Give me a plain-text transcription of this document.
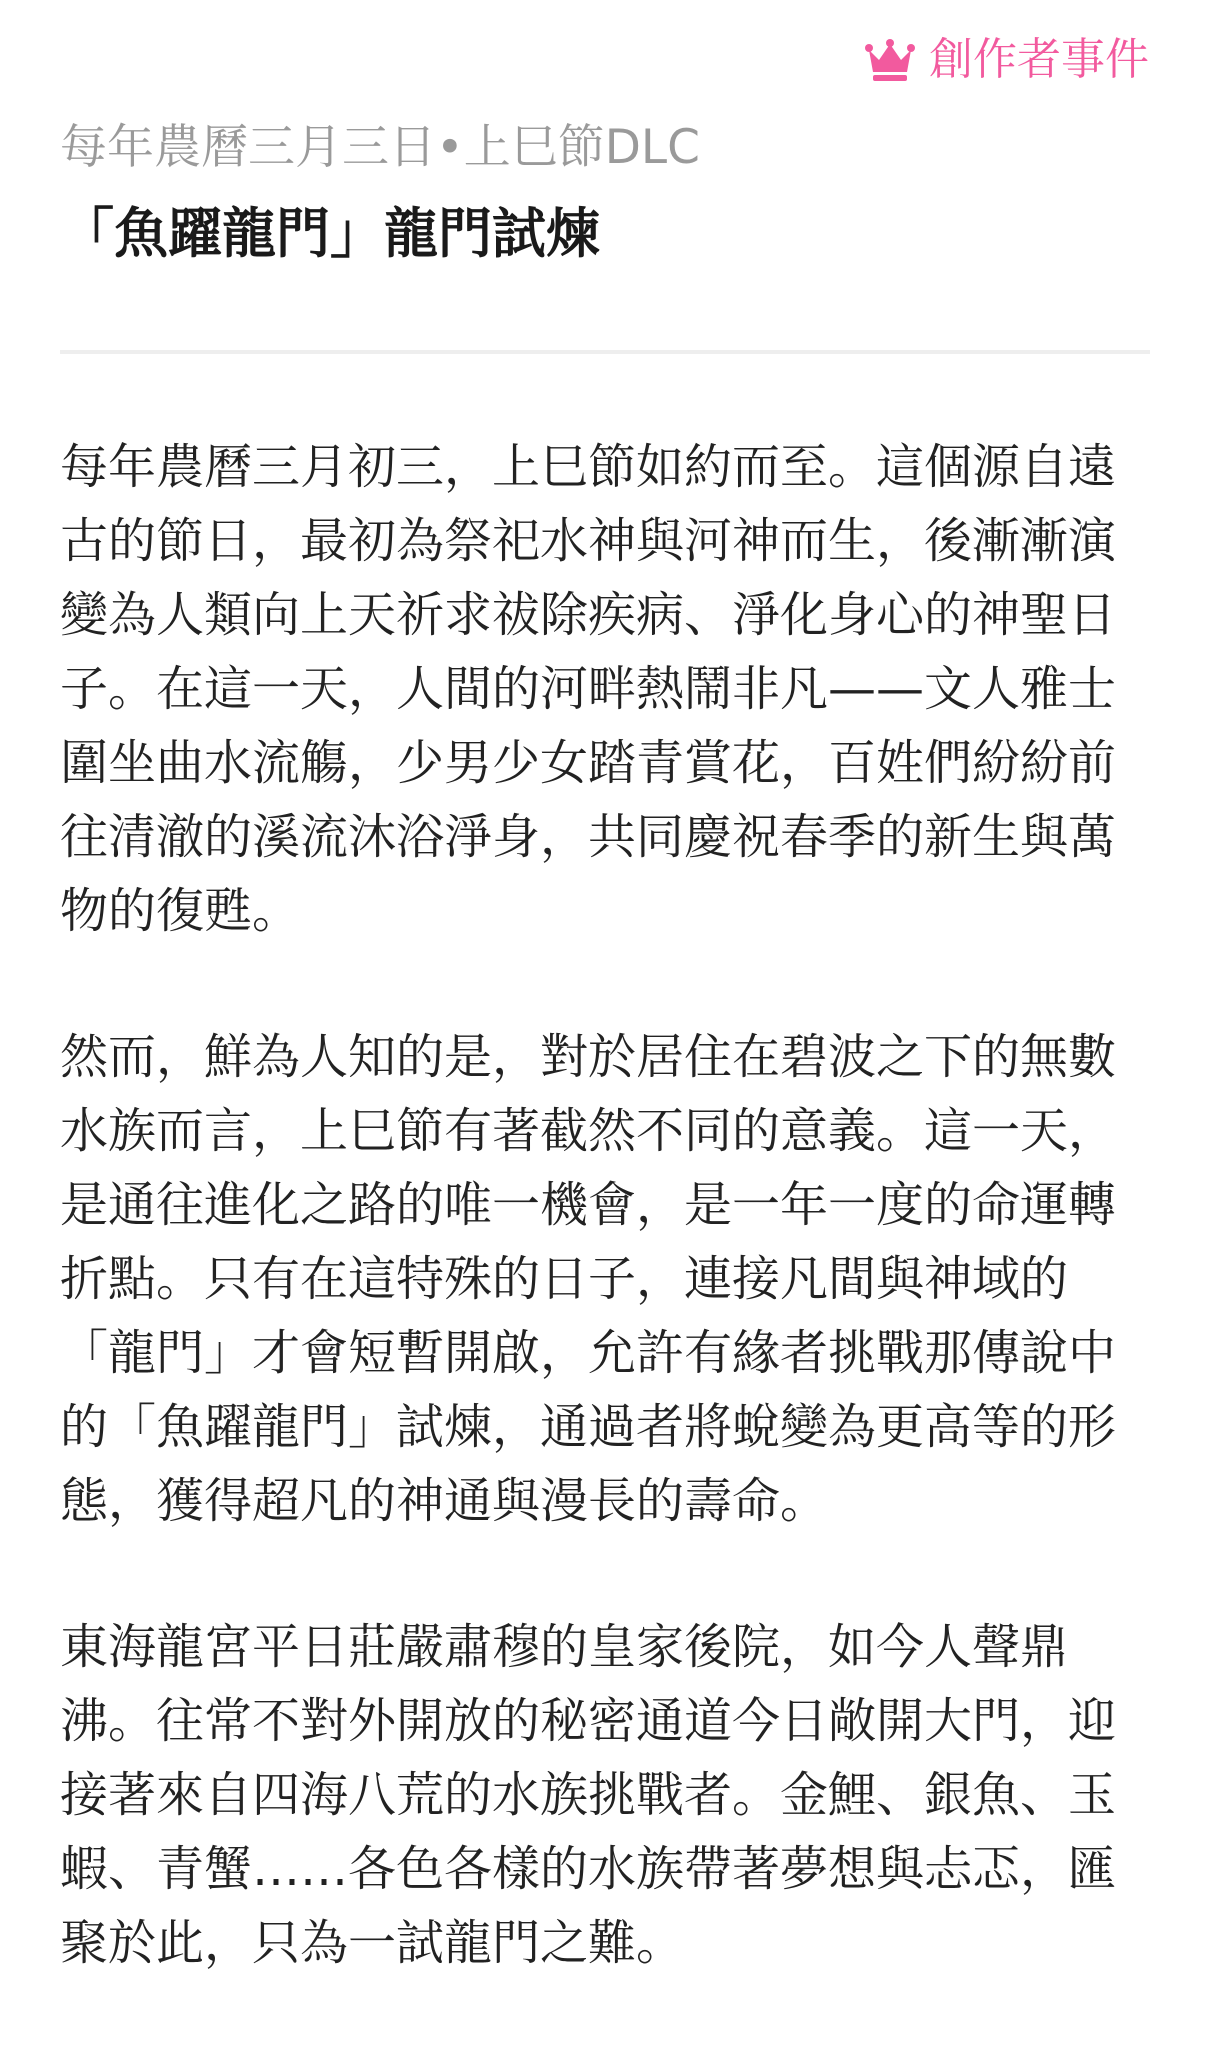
創作者事件
每年農曆三月三日•上巳節DLC
「魚躍龍門」龍門試煉

每年農曆三月初三，上巳節如約而至。這個源自遠古的節日，最初為祭祀水神與河神而生，後漸漸演變為人類向上天祈求祓除疾病、淨化身心的神聖日子。在這一天，人間的河畔熱鬧非凡——文人雅士圍坐曲水流觴，少男少女踏青賞花，百姓們紛紛前往清澈的溪流沐浴淨身，共同慶祝春季的新生與萬物的復甦。

然而，鮮為人知的是，對於居住在碧波之下的無數水族而言，上巳節有著截然不同的意義。這一天，是通往進化之路的唯一機會，是一年一度的命運轉折點。只有在這特殊的日子，連接凡間與神域的「龍門」才會短暫開啟，允許有緣者挑戰那傳說中的「魚躍龍門」試煉，通過者將蛻變為更高等的形態，獲得超凡的神通與漫長的壽命。

東海龍宮平日莊嚴肅穆的皇家後院，如今人聲鼎沸。往常不對外開放的秘密通道今日敞開大門，迎接著來自四海八荒的水族挑戰者。金鯉、銀魚、玉蝦、青蟹……各色各樣的水族帶著夢想與忐忑，匯聚於此，只為一試龍門之難。
